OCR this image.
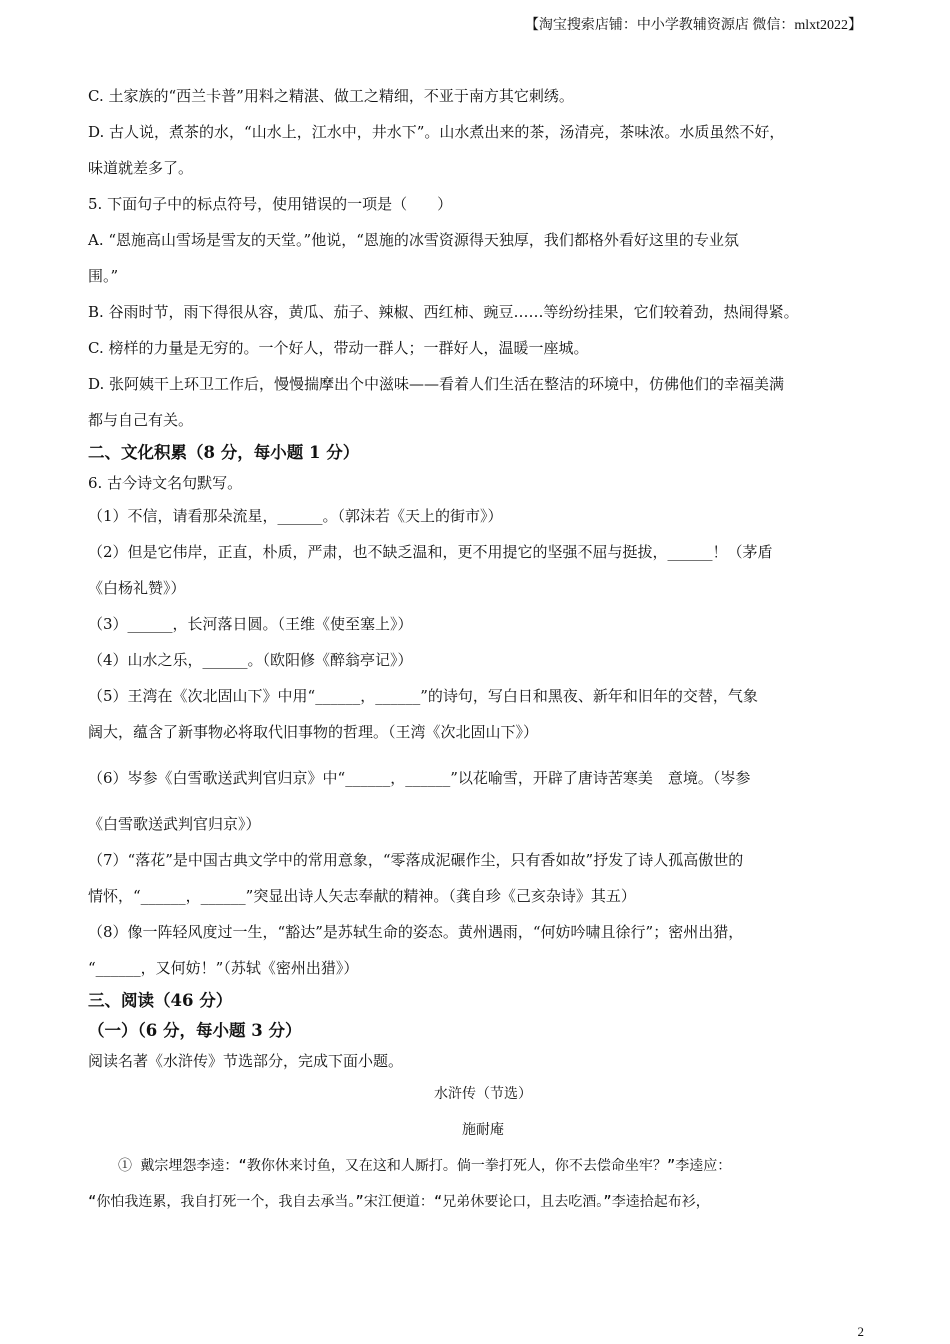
【淘宝搜索店铺：中小学教辅资源店 微信：mlxt2022】

C. 土家族的“西兰卡普”用料之精湛、做工之精细，不亚于南方其它刺绣。

D. 古人说，煮茶的水，“山水上，江水中，井水下”。山水煮出来的茶，汤清亮，茶味浓。水质虽然不好，

味道就差多了。

5. 下面句子中的标点符号，使用错误的一项是（　　）

A. “恩施高山雪场是雪友的天堂。”他说，“恩施的冰雪资源得天独厚，我们都格外看好这里的专业氛

围。”

B. 谷雨时节，雨下得很从容，黄瓜、茄子、辣椒、西红柿、豌豆……等纷纷挂果，它们较着劲，热闹得紧。

C. 榜样的力量是无穷的。一个好人，带动一群人；一群好人，温暖一座城。

D. 张阿姨干上环卫工作后，慢慢揣摩出个中滋味——看着人们生活在整洁的环境中，仿佛他们的幸福美满

都与自己有关。

二、文化积累（8 分，每小题 1 分）

6. 古今诗文名句默写。

（1）不信，请看那朵流星，______。（郭沫若《天上的街市》）

（2）但是它伟岸，正直，朴质，严肃，也不缺乏温和，更不用提它的坚强不屈与挺拔，______！（茅盾

《白杨礼赞》）

（3）______，长河落日圆。（王维《使至塞上》）

（4）山水之乐，______。（欧阳修《醉翁亭记》）

（5）王湾在《次北固山下》中用“______，______”的诗句，写白日和黑夜、新年和旧年的交替，气象

阔大，蕴含了新事物必将取代旧事物的哲理。（王湾《次北固山下》）

（6）岑参《白雪歌送武判官归京》中“______，______”以花喻雪，开辟了唐诗苦寒美　意境。（岑参

《白雪歌送武判官归京》）

（7）“落花”是中国古典文学中的常用意象，“零落成泥碾作尘，只有香如故”抒发了诗人孤高傲世的

情怀，“______，______”突显出诗人矢志奉献的精神。（龚自珍《己亥杂诗》其五）

（8）像一阵轻风度过一生，“豁达”是苏轼生命的姿态。黄州遇雨，“何妨吟啸且徐行”；密州出猎，

“______，又何妨！”（苏轼《密州出猎》）

三、阅读（46 分）

（一）（6 分，每小题 3 分）

阅读名著《水浒传》节选部分，完成下面小题。

水浒传（节选）

施耐庵

① 戴宗埋怨李逵：“教你休来讨鱼，又在这和人厮打。倘一拳打死人，你不去偿命坐牢？”李逵应：

“你怕我连累，我自打死一个，我自去承当。”宋江便道：“兄弟休要论口，且去吃酒。”李逵拾起布衫，

2
